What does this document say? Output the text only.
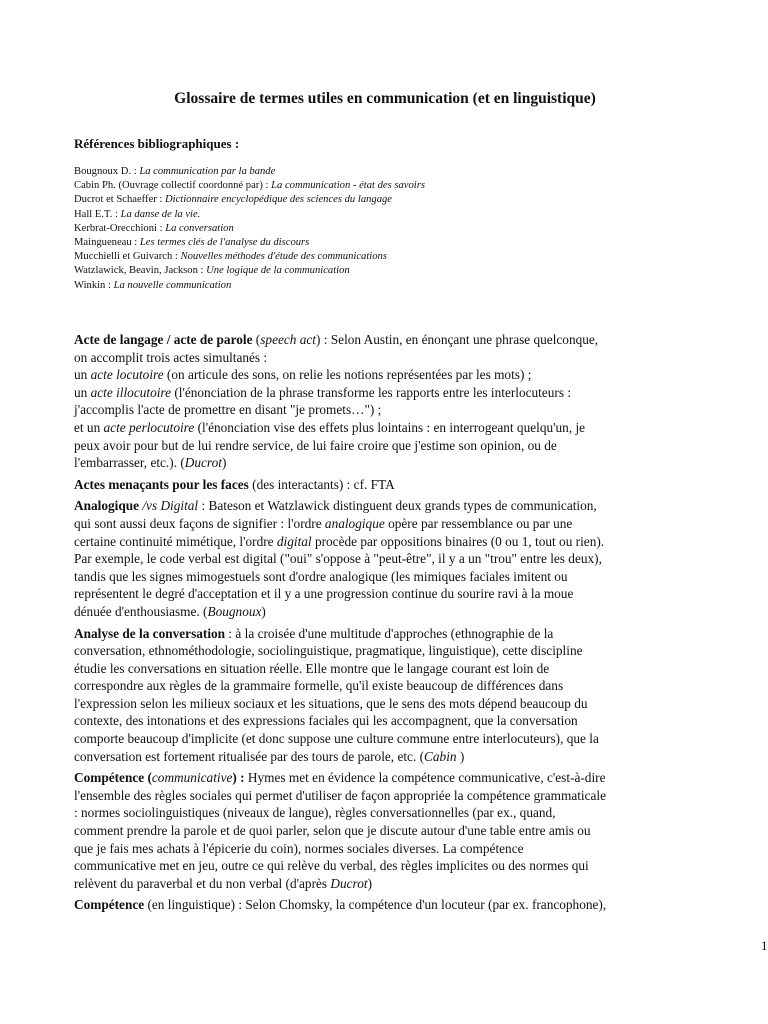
Glossaire de termes utiles en communication (et en linguistique)
Références bibliographiques :
Bougnoux D. : La communication par la bande
Cabin Ph. (Ouvrage collectif coordonné par) : La communication - état des savoirs
Ducrot et Schaeffer : Dictionnaire encyclopédique des sciences du langage
Hall E.T. : La danse de la vie.
Kerbrat-Orecchioni : La conversation
Maingueneau : Les termes clés de l'analyse du discours
Mucchielli et Guivarch : Nouvelles méthodes d'étude des communications
Watzlawick, Beavin, Jackson : Une logique de la communication
Winkin : La nouvelle communication
Acte de langage / acte de parole (speech act) : Selon Austin, en énonçant une phrase quelconque,
on accomplit trois actes simultanés :
un acte locutoire (on articule des sons, on relie les notions représentées par les mots) ;
un acte illocutoire (l'énonciation de la phrase transforme les rapports entre les interlocuteurs :
j'accomplis l'acte de promettre en disant "je promets…") ;
et un acte perlocutoire (l'énonciation vise des effets plus lointains : en interrogeant quelqu'un, je
peux avoir pour but de lui rendre service, de lui faire croire que j'estime son opinion, ou de
l'embarrasser, etc.). (Ducrot)
Actes menaçants pour les faces (des interactants) : cf. FTA
Analogique /vs Digital : Bateson et Watzlawick distinguent deux grands types de communication,
qui sont aussi deux façons de signifier : l'ordre analogique opère par ressemblance ou par une
certaine continuité mimétique, l'ordre digital procède par oppositions binaires (0 ou 1, tout ou rien).
Par exemple, le code verbal est digital ("oui" s'oppose à "peut-être", il y a un "trou" entre les deux),
tandis que les signes mimogestuels sont d'ordre analogique (les mimiques faciales imitent ou
représentent le degré d'acceptation et il y a une progression continue du sourire ravi à la moue
dénuée d'enthousiasme. (Bougnoux)
Analyse de la conversation : à la croisée d'une multitude d'approches (ethnographie de la
conversation, ethnométhodologie, sociolinguistique, pragmatique, linguistique), cette discipline
étudie les conversations en situation réelle. Elle montre que le langage courant est loin de
correspondre aux règles de la grammaire formelle, qu'il existe beaucoup de différences dans
l'expression selon les milieux sociaux et les situations, que le sens des mots dépend beaucoup du
contexte, des intonations et des expressions faciales qui les accompagnent, que la conversation
comporte beaucoup d'implicite (et donc suppose une culture commune entre interlocuteurs), que la
conversation est fortement ritualisée par des tours de parole, etc. (Cabin )
Compétence (communicative) : Hymes met en évidence la compétence communicative, c'est-à-dire
l'ensemble des règles sociales qui permet d'utiliser de façon appropriée la compétence grammaticale
: normes sociolinguistiques (niveaux de langue), règles conversationnelles (par ex., quand,
comment prendre la parole et de quoi parler, selon que je discute autour d'une table entre amis ou
que je fais mes achats à l'épicerie du coin), normes sociales diverses. La compétence
communicative met en jeu, outre ce qui relève du verbal, des règles implicites ou des normes qui
relèvent du paraverbal et du non verbal (d'après Ducrot)
Compétence (en linguistique) : Selon Chomsky, la compétence d'un locuteur (par ex. francophone),
1
